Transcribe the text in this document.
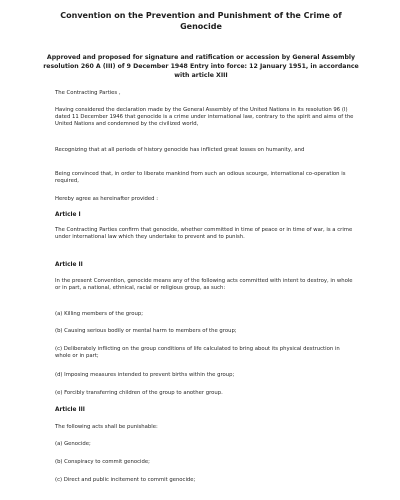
Convention on the Prevention and Punishment of the Crime of Genocide

Approved and proposed for signature and ratification or accession by General Assembly resolution 260 A (III) of 9 December 1948 Entry into force: 12 January 1951, in accordance with article XIII

The Contracting Parties ,

Having considered the declaration made by the General Assembly of the United Nations in its resolution 96 (I) dated 11 December 1946 that genocide is a crime under international law, contrary to the spirit and aims of the United Nations and condemned by the civilized world,

Recognizing that at all periods of history genocide has inflicted great losses on humanity, and

Being convinced that, in order to liberate mankind from such an odious scourge, international co-operation is required,

Hereby agree as hereinafter provided :

Article I

The Contracting Parties confirm that genocide, whether committed in time of peace or in time of war, is a crime under international law which they undertake to prevent and to punish.

Article II

In the present Convention, genocide means any of the following acts committed with intent to destroy, in whole or in part, a national, ethnical, racial or religious group, as such:

(a) Killing members of the group;

(b) Causing serious bodily or mental harm to members of the group;

(c) Deliberately inflicting on the group conditions of life calculated to bring about its physical destruction in whole or in part;

(d) Imposing measures intended to prevent births within the group;

(e) Forcibly transferring children of the group to another group.

Article III

The following acts shall be punishable:

(a) Genocide;

(b) Conspiracy to commit genocide;

(c) Direct and public incitement to commit genocide;
